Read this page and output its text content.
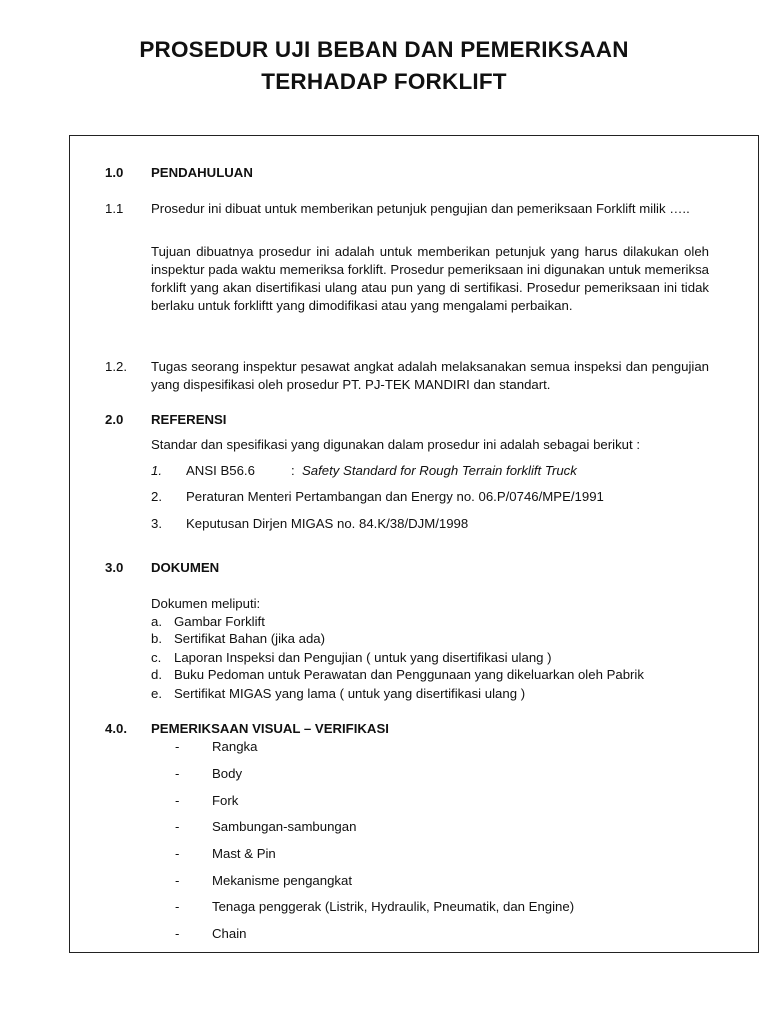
PROSEDUR UJI BEBAN DAN PEMERIKSAAN
TERHADAP FORKLIFT
1.0 PENDAHULUAN
1.1 Prosedur ini dibuat untuk memberikan petunjuk pengujian dan pemeriksaan Forklift milik …..
Tujuan dibuatnya prosedur ini adalah untuk memberikan petunjuk yang harus dilakukan oleh inspektur pada waktu memeriksa forklift. Prosedur pemeriksaan ini digunakan untuk memeriksa forklift yang akan disertifikasi ulang atau pun yang di sertifikasi. Prosedur pemeriksaan ini tidak berlaku untuk forkliftt yang dimodifikasi atau yang mengalami perbaikan.
1.2. Tugas seorang inspektur pesawat angkat adalah melaksanakan semua inspeksi dan pengujian yang dispesifikasi oleh prosedur PT. PJ-TEK MANDIRI dan standart.
2.0 REFERENSI
Standar dan spesifikasi yang digunakan dalam prosedur ini adalah sebagai berikut :
1. ANSI B56.6	: Safety Standard for Rough Terrain forklift Truck
2. Peraturan Menteri Pertambangan dan Energy no. 06.P/0746/MPE/1991
3. Keputusan Dirjen MIGAS no. 84.K/38/DJM/1998
3.0 DOKUMEN
Dokumen meliputi:
a. Gambar Forklift
b. Sertifikat Bahan (jika ada)
c. Laporan Inspeksi dan Pengujian ( untuk yang disertifikasi ulang )
d. Buku Pedoman untuk Perawatan dan Penggunaan yang dikeluarkan oleh Pabrik
e. Sertifikat MIGAS yang lama ( untuk yang disertifikasi ulang )
4.0. PEMERIKSAAN VISUAL – VERIFIKASI
- Rangka
- Body
- Fork
- Sambungan-sambungan
- Mast & Pin
- Mekanisme pengangkat
- Tenaga penggerak (Listrik, Hydraulik, Pneumatik, dan Engine)
- Chain
